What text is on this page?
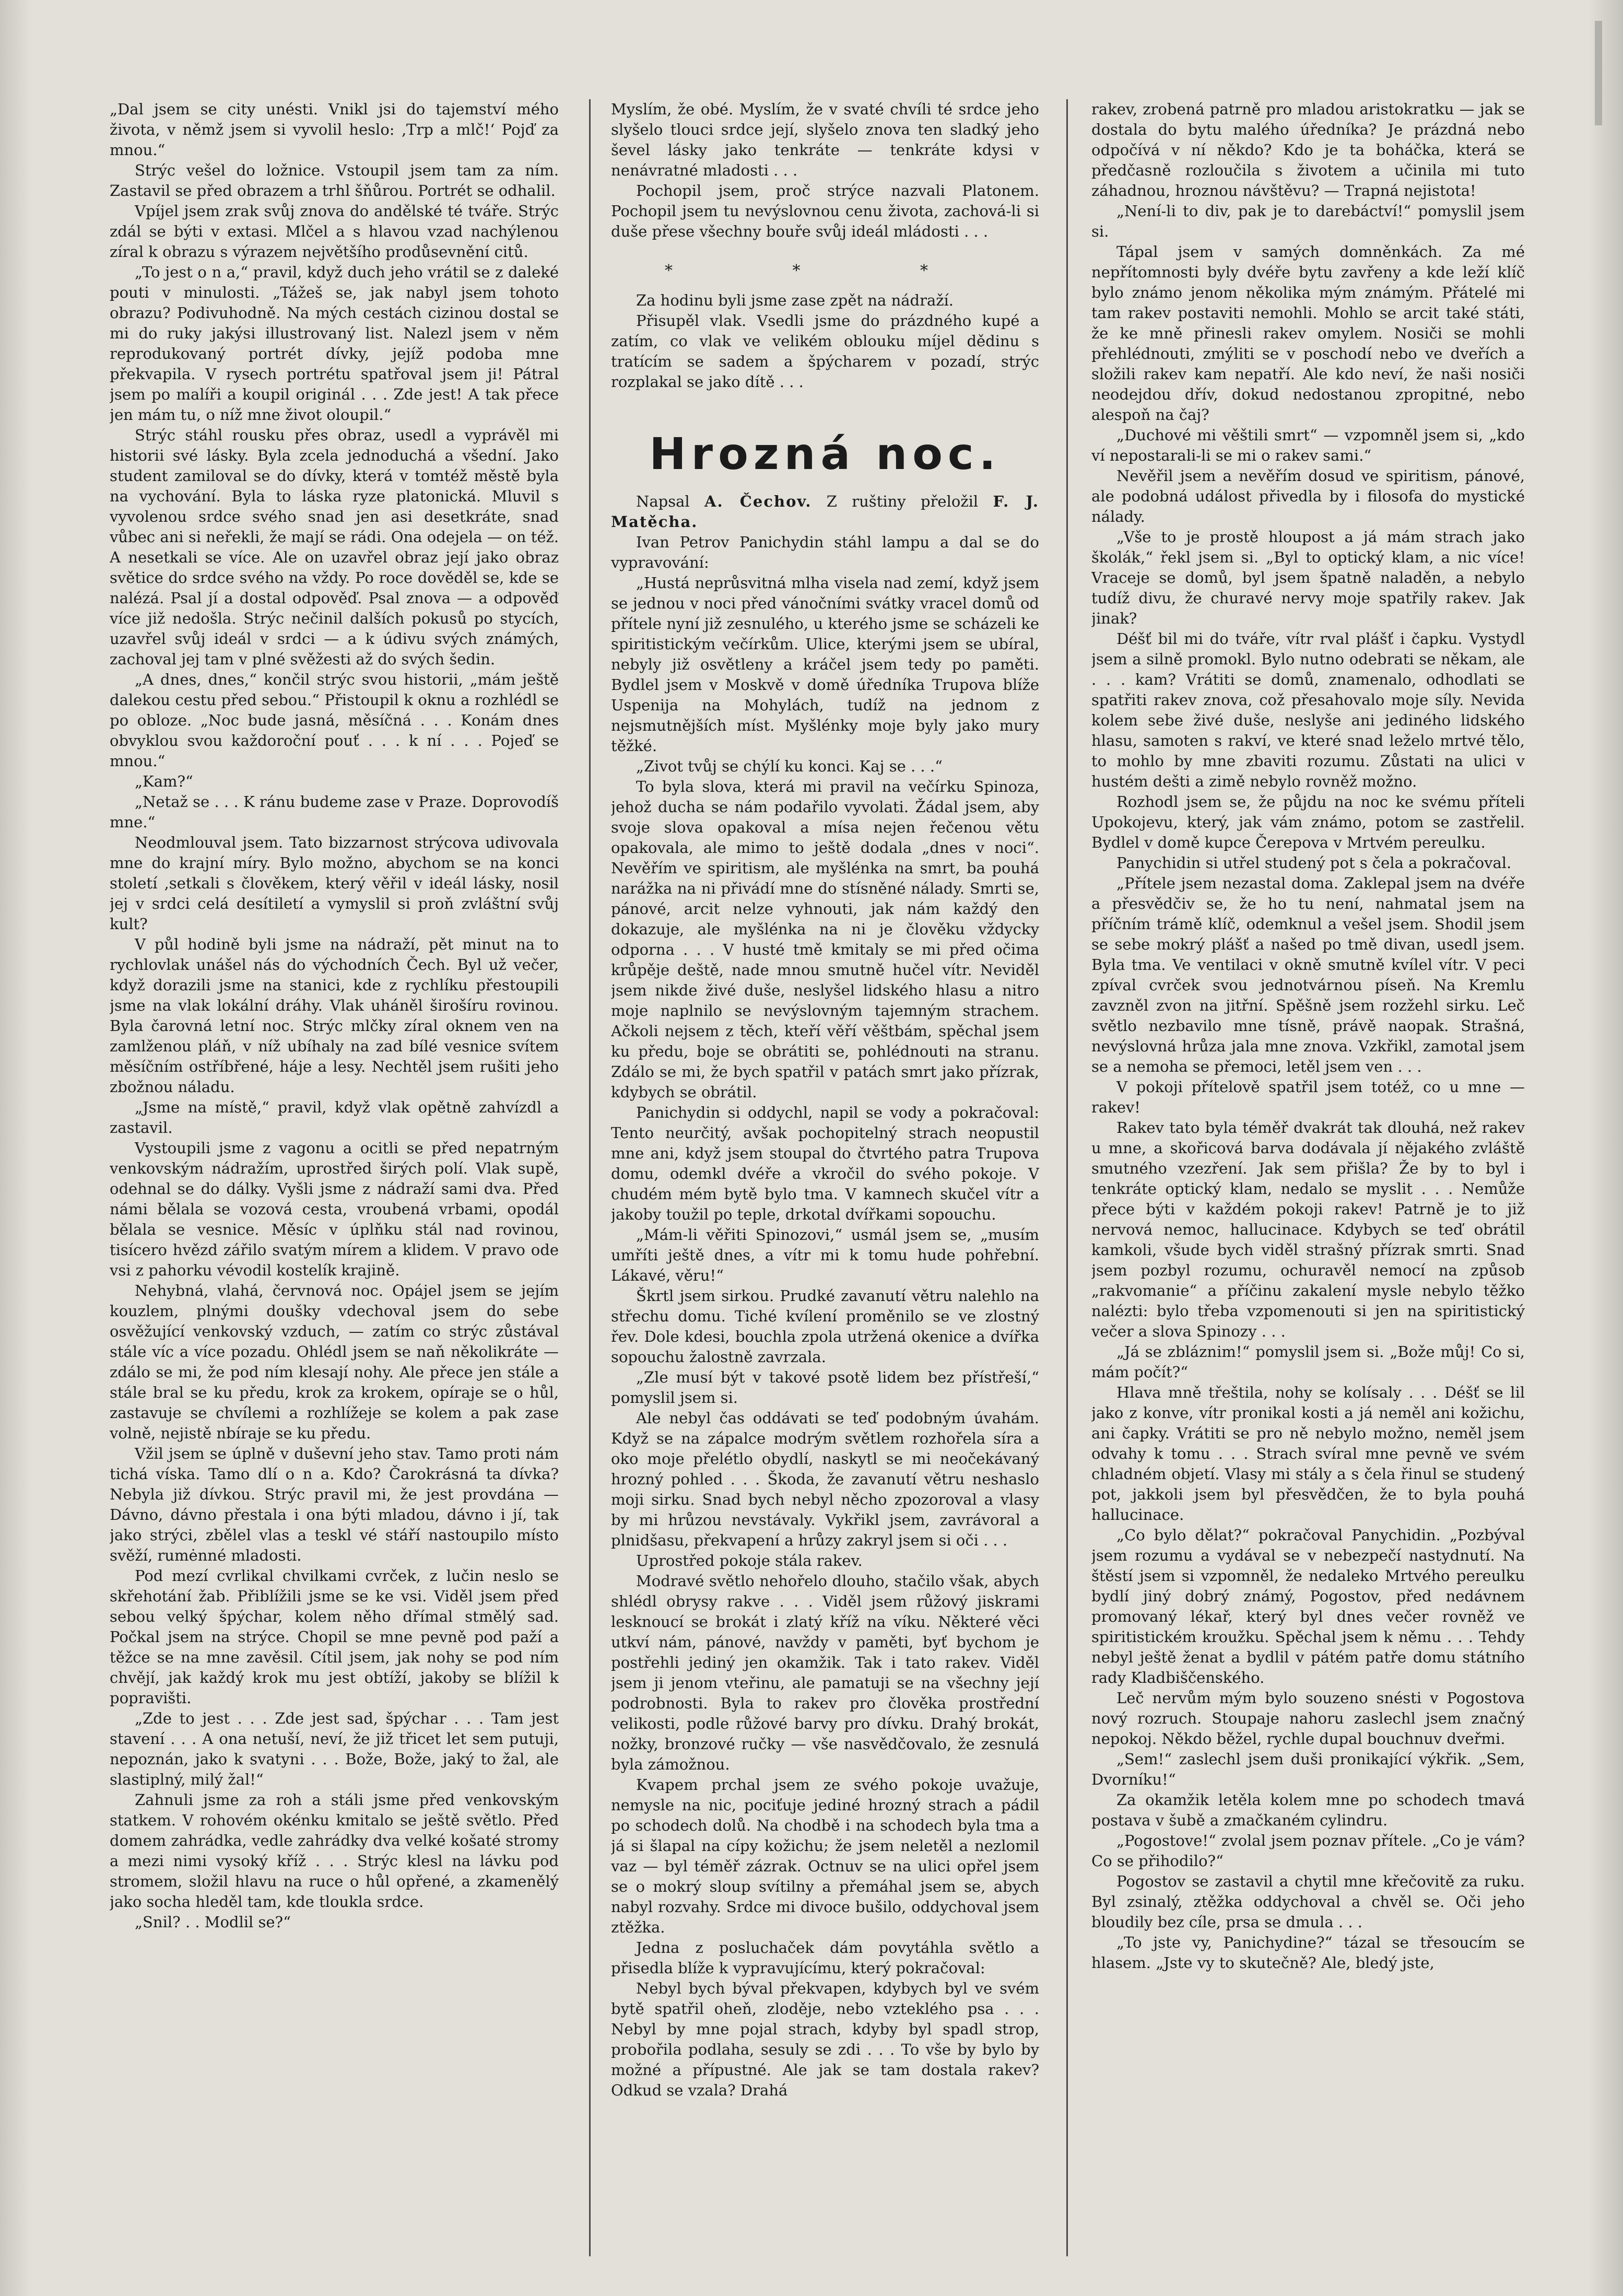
„Dal jsem se city unésti. Vnikl jsi do tajemství mého života, v němž jsem si vyvolil heslo: ‚Trp a mlč!‘ Pojď za mnou.“

Strýc vešel do ložnice. Vstoupil jsem tam za ním. Zastavil se před obrazem a trhl šňůrou. Portrét se odhalil.

Vpíjel jsem zrak svůj znova do andělské té tváře. Strýc zdál se býti v extasi. Mlčel a s hlavou vzad nachýlenou zíral k obrazu s výrazem největšího prodůsevnění citů.

„To jest o n a,“ pravil, když duch jeho vrátil se z daleké pouti v minulosti. „Tážeš se, jak nabyl jsem tohoto obrazu? Podivuhodně. Na mých cestách cizinou dostal se mi do ruky jakýsi illustrovaný list. Nalezl jsem v něm reprodukovaný portrét dívky, jejíž podoba mne překvapila. V rysech portrétu spatřoval jsem ji! Pátral jsem po malíři a koupil originál . . . Zde jest! A tak přece jen mám tu, o níž mne život oloupil.“

Strýc stáhl rousku přes obraz, usedl a vyprávěl mi historii své lásky. Byla zcela jednoduchá a všední. Jako student zamiloval se do dívky, která v tomtéž městě byla na vychování. Byla to láska ryze platonická. Mluvil s vyvolenou srdce svého snad jen asi desetkráte, snad vůbec ani si neřekli, že mají se rádi. Ona odejela — on též. A nesetkali se více. Ale on uzavřel obraz její jako obraz světice do srdce svého na vždy. Po roce dověděl se, kde se nalézá. Psal jí a dostal odpověď. Psal znova — a odpověď více již nedošla. Strýc nečinil dalších pokusů po stycích, uzavřel svůj ideál v srdci — a k údivu svých známých, zachoval jej tam v plné svěžesti až do svých šedin.

„A dnes, dnes,“ končil strýc svou historii, „mám ještě dalekou cestu před sebou.“ Přistoupil k oknu a rozhlédl se po obloze. „Noc bude jasná, měsíčná . . . Konám dnes obvyklou svou každoroční pouť . . . k ní . . . Pojeď se mnou.“

„Kam?“

„Netaž se . . . K ránu budeme zase v Praze. Doprovodíš mne.“

Neodmlouval jsem. Tato bizzarnost strýcova udivovala mne do krajní míry. Bylo možno, abychom se na konci století ,setkali s člověkem, který věřil v ideál lásky, nosil jej v srdci celá desítiletí a vymyslil si proň zvláštní svůj kult?

V půl hodině byli jsme na nádraží, pět minut na to rychlovlak unášel nás do východních Čech. Byl už večer, když dorazili jsme na stanici, kde z rychlíku přestoupili jsme na vlak lokální dráhy. Vlak uháněl širošíru rovinou. Byla čarovná letní noc. Strýc mlčky zíral oknem ven na zamlženou pláň, v níž ubíhaly na zad bílé vesnice svítem měsíčním ostříbřené, háje a lesy. Nechtěl jsem rušiti jeho zbožnou náladu.

„Jsme na místě,“ pravil, když vlak opětně zahvízdl a zastavil.

Vystoupili jsme z vagonu a ocitli se před nepatrným venkovským nádražím, uprostřed širých polí. Vlak supě, odehnal se do dálky. Vyšli jsme z nádraží sami dva. Před námi bělala se vozová cesta, vroubená vrbami, opodál bělala se vesnice. Měsíc v úplňku stál nad rovinou, tisícero hvězd zářilo svatým mírem a klidem. V pravo ode vsi z pahorku vévodil kostelík krajině.

Nehybná, vlahá, červnová noc. Opájel jsem se jejím kouzlem, plnými doušky vdechoval jsem do sebe osvěžující venkovský vzduch, — zatím co strýc zůstával stále víc a více pozadu. Ohlédl jsem se naň několikráte — zdálo se mi, že pod ním klesají nohy. Ale přece jen stále a stále bral se ku předu, krok za krokem, opíraje se o hůl, zastavuje se chvílemi a rozhlížeje se kolem a pak zase volně, nejistě nbíraje se ku předu.

Vžil jsem se úplně v duševní jeho stav. Tamo proti nám tichá víska. Tamo dlí o n a. Kdo? Čarokrásná ta dívka? Nebyla již dívkou. Strýc pravil mi, že jest provdána — Dávno, dávno přestala i ona býti mladou, dávno i jí, tak jako strýci, zbělel vlas a teskl vé stáří nastoupilo místo svěží, rumėnné mladosti.

Pod mezí cvrlikal chvilkami cvrček, z lučin neslo se skřehotání žab. Přiblížili jsme se ke vsi. Viděl jsem před sebou velký špýchar, kolem něho dřímal stmělý sad. Počkal jsem na strýce. Chopil se mne pevně pod paží a těžce se na mne zavěsil. Cítil jsem, jak nohy se pod ním chvějí, jak každý krok mu jest obtíží, jakoby se blížil k popravišti.

„Zde to jest . . . Zde jest sad, špýchar . . . Tam jest stavení . . . A ona netuší, neví, že již třicet let sem putuji, nepoznán, jako k svatyni . . . Bože, Bože, jaký to žal, ale slastiplný, milý žal!“

Zahnuli jsme za roh a stáli jsme před venkovským statkem. V rohovém okénku kmitalo se ještě světlo. Před domem zahrádka, vedle zahrádky dva velké košaté stromy a mezi nimi vysoký kříž . . . Strýc klesl na lávku pod stromem, složil hlavu na ruce o hůl opřené, a zkamenělý jako socha hleděl tam, kde tloukla srdce.

„Snil? . . Modlil se?“

Myslím, že obé. Myslím, že v svaté chvíli té srdce jeho slyšelo tlouci srdce její, slyšelo znova ten sladký jeho ševel lásky jako tenkráte — tenkráte kdysi v nenávratné mladosti . . .

Pochopil jsem, proč strýce nazvali Platonem. Pochopil jsem tu nevýslovnou cenu života, zachová-li si duše přese všechny bouře svůj ideál mládosti . . .

* * *

Za hodinu byli jsme zase zpět na nádraží.

Přisupěl vlak. Vsedli jsme do prázdného kupé a zatím, co vlak ve velikém oblouku míjel dědinu s tratícím se sadem a špýcharem v pozadí, strýc rozplakal se jako dítě . . .

Hrozná noc.

Napsal A. Čechov. Z ruštiny přeložil F. J. Matěcha.

Ivan Petrov Panichydin stáhl lampu a dal se do vypravování:

„Hustá neprůsvitná mlha visela nad zemí, když jsem se jednou v noci před vánočními svátky vracel domů od přítele nyní již zesnulého, u kterého jsme se scházeli ke spiritistickým večírkům. Ulice, kterými jsem se ubíral, nebyly již osvětleny a kráčel jsem tedy po paměti. Bydlel jsem v Moskvě v domě úředníka Trupova blíže Uspenija na Mohylách, tudíž na jednom z nejsmutnějších míst. Myšlénky moje byly jako mury těžké.

„Zivot tvůj se chýlí ku konci. Kaj se . . .“

To byla slova, která mi pravil na večírku Spinoza, jehož ducha se nám podařilo vyvolati. Žádal jsem, aby svoje slova opakoval a mísa nejen řečenou větu opakovala, ale mimo to ještě dodala „dnes v noci“. Nevěřím ve spiritism, ale myšlénka na smrt, ba pouhá narážka na ni přivádí mne do stísněné nálady. Smrti se, pánové, arcit nelze vyhnouti, jak nám každý den dokazuje, ale myšlénka na ni je člověku vždycky odporna . . . V husté tmě kmitaly se mi před očima krůpěje deště, nade mnou smutně hučel vítr. Neviděl jsem nikde živé duše, neslyšel lidského hlasu a nitro moje naplnilo se nevýslovným tajemným strachem. Ačkoli nejsem z těch, kteří věří věštbám, spěchal jsem ku předu, boje se obrátiti se, pohlédnouti na stranu. Zdálo se mi, že bych spatřil v patách smrt jako přízrak, kdybych se obrátil.

Panichydin si oddychl, napil se vody a pokračoval: Tento neurčitý, avšak pochopitelný strach neopustil mne ani, když jsem stoupal do čtvrtého patra Trupova domu, odemkl dvéře a vkročil do svého pokoje. V chudém mém bytě bylo tma. V kamnech skučel vítr a jakoby toužil po teple, drkotal dvířkami sopouchu.

„Mám-li věřiti Spinozovi,“ usmál jsem se, „musím umříti ještě dnes, a vítr mi k tomu hude pohřební. Lákavé, věru!“

Škrtl jsem sirkou. Prudké zavanutí větru nalehlo na střechu domu. Tiché kvílení proměnilo se ve zlostný řev. Dole kdesi, bouchla zpola utržená okenice a dvířka sopouchu žalostně zavrzala.

„Zle musí být v takové psotě lidem bez přístřeší,“ pomyslil jsem si.

Ale nebyl čas oddávati se teď podobným úvahám. Když se na zápalce modrým světlem rozhořela síra a oko moje přelétlo obydlí, naskytl se mi neočekávaný hrozný pohled . . . Škoda, že zavanutí větru neshaslo moji sirku. Snad bych nebyl něcho zpozoroval a vlasy by mi hrůzou nevstávaly. Vykřikl jsem, zavrávoral a plnidšasu, překvapení a hrůzy zakryl jsem si oči . . .

Uprostřed pokoje stála rakev.

Modravé světlo nehořelo dlouho, stačilo však, abych shlédl obrysy rakve . . . Viděl jsem růžový jiskrami lesknoucí se brokát i zlatý kříž na víku. Některé věci utkví nám, pánové, navždy v paměti, byť bychom je postřehli jediný jen okamžik. Tak i tato rakev. Viděl jsem ji jenom vteřinu, ale pamatuji se na všechny její podrobnosti. Byla to rakev pro člověka prostřední velikosti, podle růžové barvy pro dívku. Drahý brokát, nožky, bronzové ručky — vše nasvědčovalo, že zesnulá byla zámožnou.

Kvapem prchal jsem ze svého pokoje uvažuje, nemysle na nic, pociťuje jediné hrozný strach a pádil po schodech dolů. Na chodbě i na schodech byla tma a já si šlapal na cípy kožichu; že jsem neletěl a nezlomil vaz — byl téměř zázrak. Octnuv se na ulici opřel jsem se o mokrý sloup svítilny a přemáhal jsem se, abych nabyl rozvahy. Srdce mi divoce bušilo, oddychoval jsem ztěžka.

Jedna z posluchaček dám povytáhla světlo a přisedla blíže k vypravujícímu, který pokračoval:

Nebyl bych býval překvapen, kdybych byl ve svém bytě spatřil oheň, zloděje, nebo vzteklého psa . . . Nebyl by mne pojal strach, kdyby byl spadl strop, probořila podlaha, sesuly se zdi . . . To vše by bylo by možné a přípustné. Ale jak se tam dostala rakev? Odkud se vzala? Drahá

rakev, zrobená patrně pro mladou aristokratku — jak se dostala do bytu malého úředníka? Je prázdná nebo odpočívá v ní někdo? Kdo je ta boháčka, která se předčasně rozloučila s životem a učinila mi tuto záhadnou, hroznou návštěvu? — Trapná nejistota!

„Není-li to div, pak je to darebáctví!“ pomyslil jsem si.

Tápal jsem v samých domněnkách. Za mé nepřítomnosti byly dvéře bytu zavřeny a kde leží klíč bylo známo jenom několika mým známým. Přátelé mi tam rakev postaviti nemohli. Mohlo se arcit také státi, že ke mně přinesli rakev omylem. Nosiči se mohli přehlédnouti, zmýliti se v poschodí nebo ve dveřích a složili rakev kam nepatří. Ale kdo neví, že naši nosiči neodejdou dřív, dokud nedostanou zpropitné, nebo alespoň na čaj?

„Duchové mi věštili smrt“ — vzpomněl jsem si, „kdo ví nepostarali-li se mi o rakev sami.“

Nevěřil jsem a nevěřím dosud ve spiritism, pánové, ale podobná událost přivedla by i filosofa do mystické nálady.

„Vše to je prostě hloupost a já mám strach jako školák,“ řekl jsem si. „Byl to optický klam, a nic více! Vraceje se domů, byl jsem špatně naladěn, a nebylo tudíž divu, že churavé nervy moje spatřily rakev. Jak jinak?

Déšť bil mi do tváře, vítr rval plášť i čapku. Vystydl jsem a silně promokl. Bylo nutno odebrati se někam, ale . . . kam? Vrátiti se domů, znamenalo, odhodlati se spatřiti rakev znova, což přesahovalo moje síly. Nevida kolem sebe živé duše, neslyše ani jediného lidského hlasu, samoten s rakví, ve které snad leželo mrtvé tělo, to mohlo by mne zbaviti rozumu. Zůstati na ulici v hustém dešti a zimě nebylo rovněž možno.

Rozhodl jsem se, že půjdu na noc ke svému příteli Upokojevu, který, jak vám známo, potom se zastřelil. Bydlel v domě kupce Čerepova v Mrtvém pereulku.

Panychidin si utřel studený pot s čela a pokračoval.

„Přítele jsem nezastal doma. Zaklepal jsem na dvéře a přesvědčiv se, že ho tu není, nahmatal jsem na příčním trámě klíč, odemknul a vešel jsem. Shodil jsem se sebe mokrý plášť a našed po tmě divan, usedl jsem. Byla tma. Ve ventilaci v okně smutně kvílel vítr. V peci zpíval cvrček svou jednotvárnou píseň. Na Kremlu zavzněl zvon na jitřní. Spěšně jsem rozžehl sirku. Leč světlo nezbavilo mne tísně, právě naopak. Strašná, nevýslovná hrůza jala mne znova. Vzkřikl, zamotal jsem se a nemoha se přemoci, letěl jsem ven . . .

V pokoji přítelově spatřil jsem totéž, co u mne — rakev!

Rakev tato byla téměř dvakrát tak dlouhá, než rakev u mne, a skořicová barva dodávala jí nějakého zvláště smutného vzezření. Jak sem přišla? Že by to byl i tenkráte optický klam, nedalo se myslit . . . Nemůže přece býti v každém pokoji rakev! Patrně je to již nervová nemoc, hallucinace. Kdybych se teď obrátil kamkoli, všude bych viděl strašný přízrak smrti. Snad jsem pozbyl rozumu, ochuravěl nemocí na způsob „rakvomanie“ a příčinu zakalení mysle nebylo těžko nalézti: bylo třeba vzpomenouti si jen na spiritistický večer a slova Spinozy . . .

„Já se zbláznim!“ pomyslil jsem si. „Bože můj! Co si, mám počít?“

Hlava mně třeštila, nohy se kolísaly . . . Déšť se lil jako z konve, vítr pronikal kosti a já neměl ani kožichu, ani čapky. Vrátiti se pro ně nebylo možno, neměl jsem odvahy k tomu . . . Strach svíral mne pevně ve svém chladném objetí. Vlasy mi stály a s čela řinul se studený pot, jakkoli jsem byl přesvědčen, že to byla pouhá hallucinace.

„Co bylo dělat?“ pokračoval Panychidin. „Pozbýval jsem rozumu a vydával se v nebezpečí nastydnutí. Na štěstí jsem si vzpomněl, že nedaleko Mrtvého pereulku bydlí jiný dobrý známý, Pogostov, před nedávnem promovaný lékař, který byl dnes večer rovněž ve spiritistickém kroužku. Spěchal jsem k němu . . . Tehdy nebyl ještě ženat a bydlil v pátém patře domu státního rady Kladbiščenského.

Leč nervům mým bylo souzeno snésti v Pogostova nový rozruch. Stoupaje nahoru zaslechl jsem značný nepokoj. Někdo běžel, rychle dupal bouchnuv dveřmi.

„Sem!“ zaslechl jsem duši pronikající výkřik. „Sem, Dvorníku!“

Za okamžik letěla kolem mne po schodech tmavá postava v šubě a zmačkaném cylindru.

„Pogostove!“ zvolal jsem poznav přítele. „Co je vám? Co se přihodilo?“

Pogostov se zastavil a chytil mne křečovitě za ruku. Byl zsinalý, ztěžka oddychoval a chvěl se. Oči jeho bloudily bez cíle, prsa se dmula . . .

„To jste vy, Panichydine?“ tázal se třesoucím se hlasem. „Jste vy to skutečně? Ale, bledý jste,
